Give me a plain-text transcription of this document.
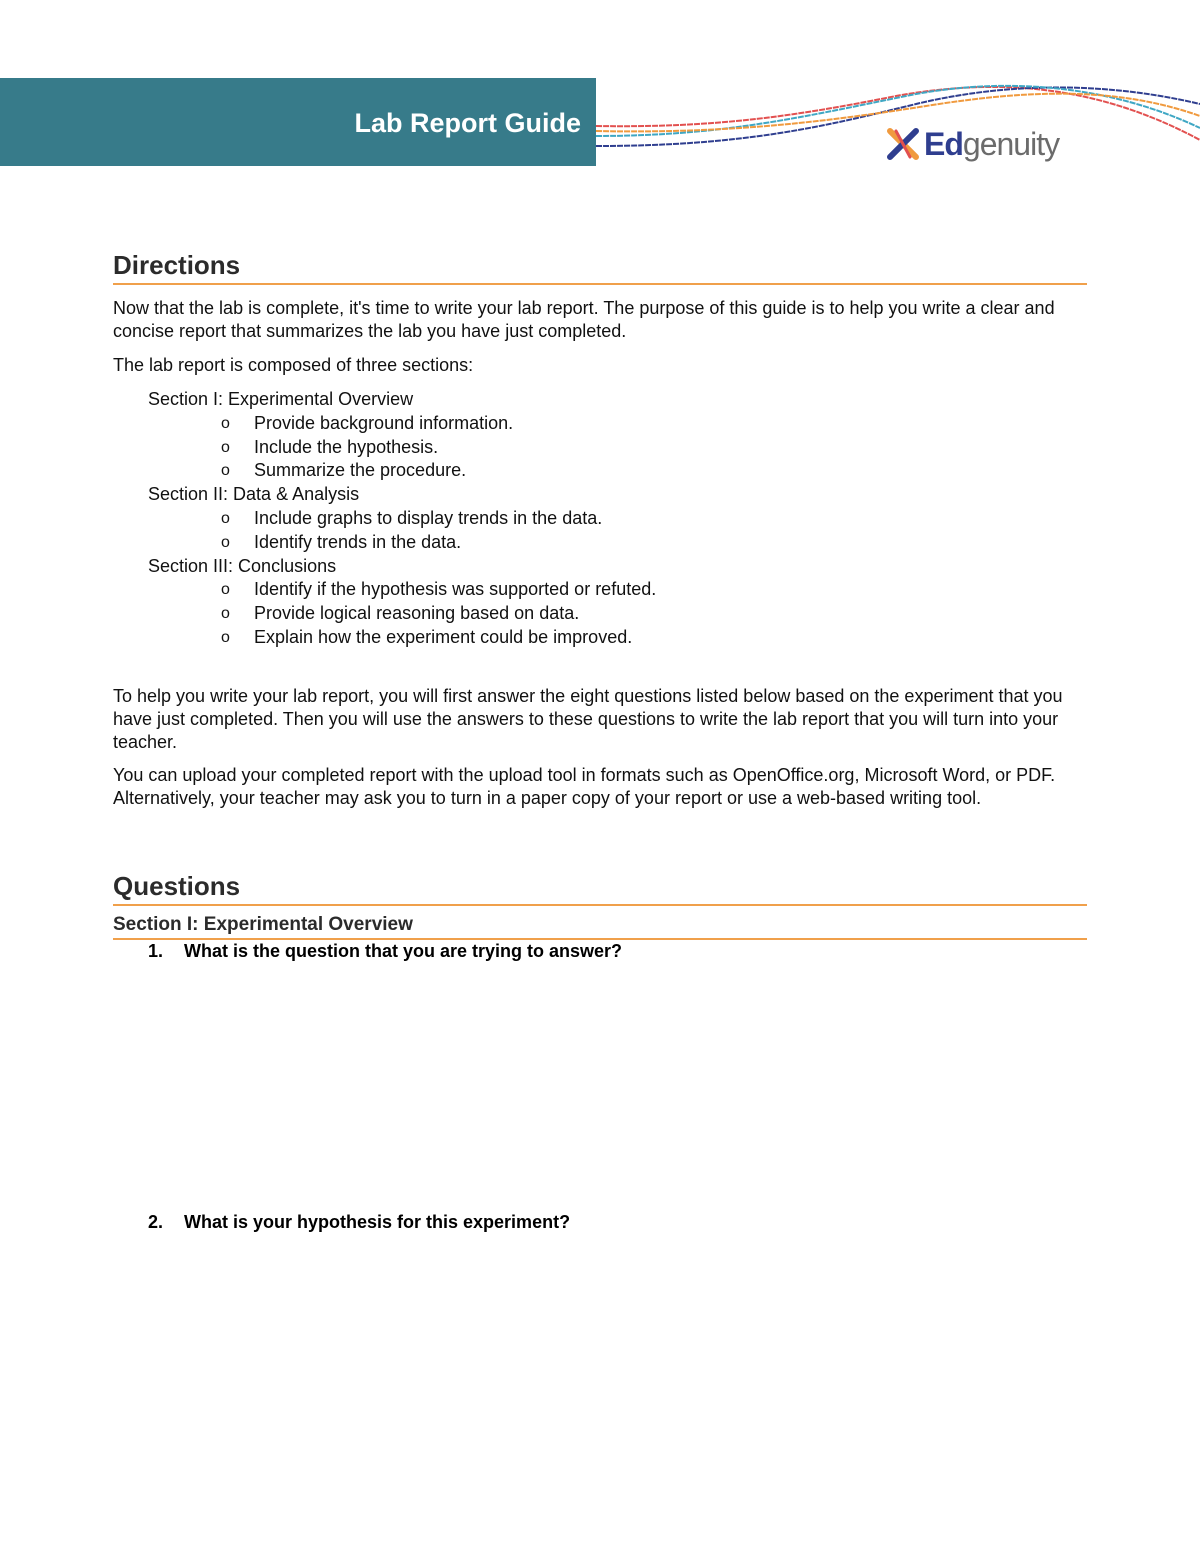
Lab Report Guide
Edgenuity
Directions

Now that the lab is complete, it's time to write your lab report. The purpose of this guide is to help you write a clear and concise report that summarizes the lab you have just completed.

The lab report is composed of three sections:

Section I: Experimental Overview
o Provide background information.
o Include the hypothesis.
o Summarize the procedure.
Section II: Data & Analysis
o Include graphs to display trends in the data.
o Identify trends in the data.
Section III: Conclusions
o Identify if the hypothesis was supported or refuted.
o Provide logical reasoning based on data.
o Explain how the experiment could be improved.

To help you write your lab report, you will first answer the eight questions listed below based on the experiment that you have just completed. Then you will use the answers to these questions to write the lab report that you will turn into your teacher.

You can upload your completed report with the upload tool in formats such as OpenOffice.org, Microsoft Word, or PDF. Alternatively, your teacher may ask you to turn in a paper copy of your report or use a web-based writing tool.

Questions
Section I: Experimental Overview
1. What is the question that you are trying to answer?
2. What is your hypothesis for this experiment?
